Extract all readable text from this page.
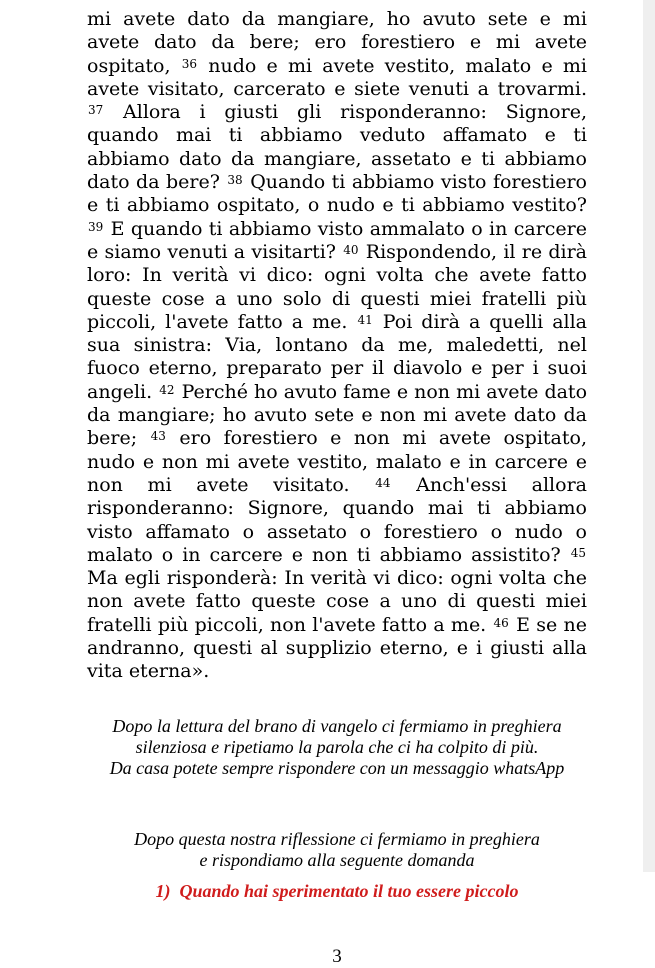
mi avete dato da mangiare, ho avuto sete e mi avete dato da bere; ero forestiero e mi avete ospitato, $^{36}$ nudo e mi avete vestito, malato e mi avete visitato, carcerato e siete venuti a trovarmi. $^{37}$ Allora i giusti gli risponderanno: Signore, quando mai ti abbiamo veduto affamato e ti abbiamo dato da mangiare, assetato e ti abbiamo dato da bere? $^{38}$ Quando ti abbiamo visto forestiero e ti abbiamo ospitato, o nudo e ti abbiamo vestito? $^{39}$ E quando ti abbiamo visto ammalato o in carcere e siamo venuti a visitarti? $^{40}$ Rispondendo, il re dirà loro: In verità vi dico: ogni volta che avete fatto queste cose a uno solo di questi miei fratelli più piccoli, l'avete fatto a me. $^{41}$ Poi dirà a quelli alla sua sinistra: Via, lontano da me, maledetti, nel fuoco eterno, preparato per il diavolo e per i suoi angeli. $^{42}$ Perché ho avuto fame e non mi avete dato da mangiare; ho avuto sete e non mi avete dato da bere; $^{43}$ ero forestiero e non mi avete ospitato, nudo e non mi avete vestito, malato e in carcere e non mi avete visitato. $^{44}$ Anch'essi allora risponderanno: Signore, quando mai ti abbiamo visto affamato o assetato o forestiero o nudo o malato o in carcere e non ti abbiamo assistito? $^{45}$ Ma egli risponderà: In verità vi dico: ogni volta che non avete fatto queste cose a uno di questi miei fratelli più piccoli, non l'avete fatto a me. $^{46}$ E se ne andranno, questi al supplizio eterno, e i giusti alla vita eterna».

Dopo la lettura del brano di vangelo ci fermiamo in preghiera
silenziosa e ripetiamo la parola che ci ha colpito di più.
Da casa potete sempre rispondere con un messaggio whatsApp
Dopo questa nostra riflessione ci fermiamo in preghiera
e rispondiamo alla seguente domanda
1) Quando hai sperimentato il tuo essere piccolo
3
